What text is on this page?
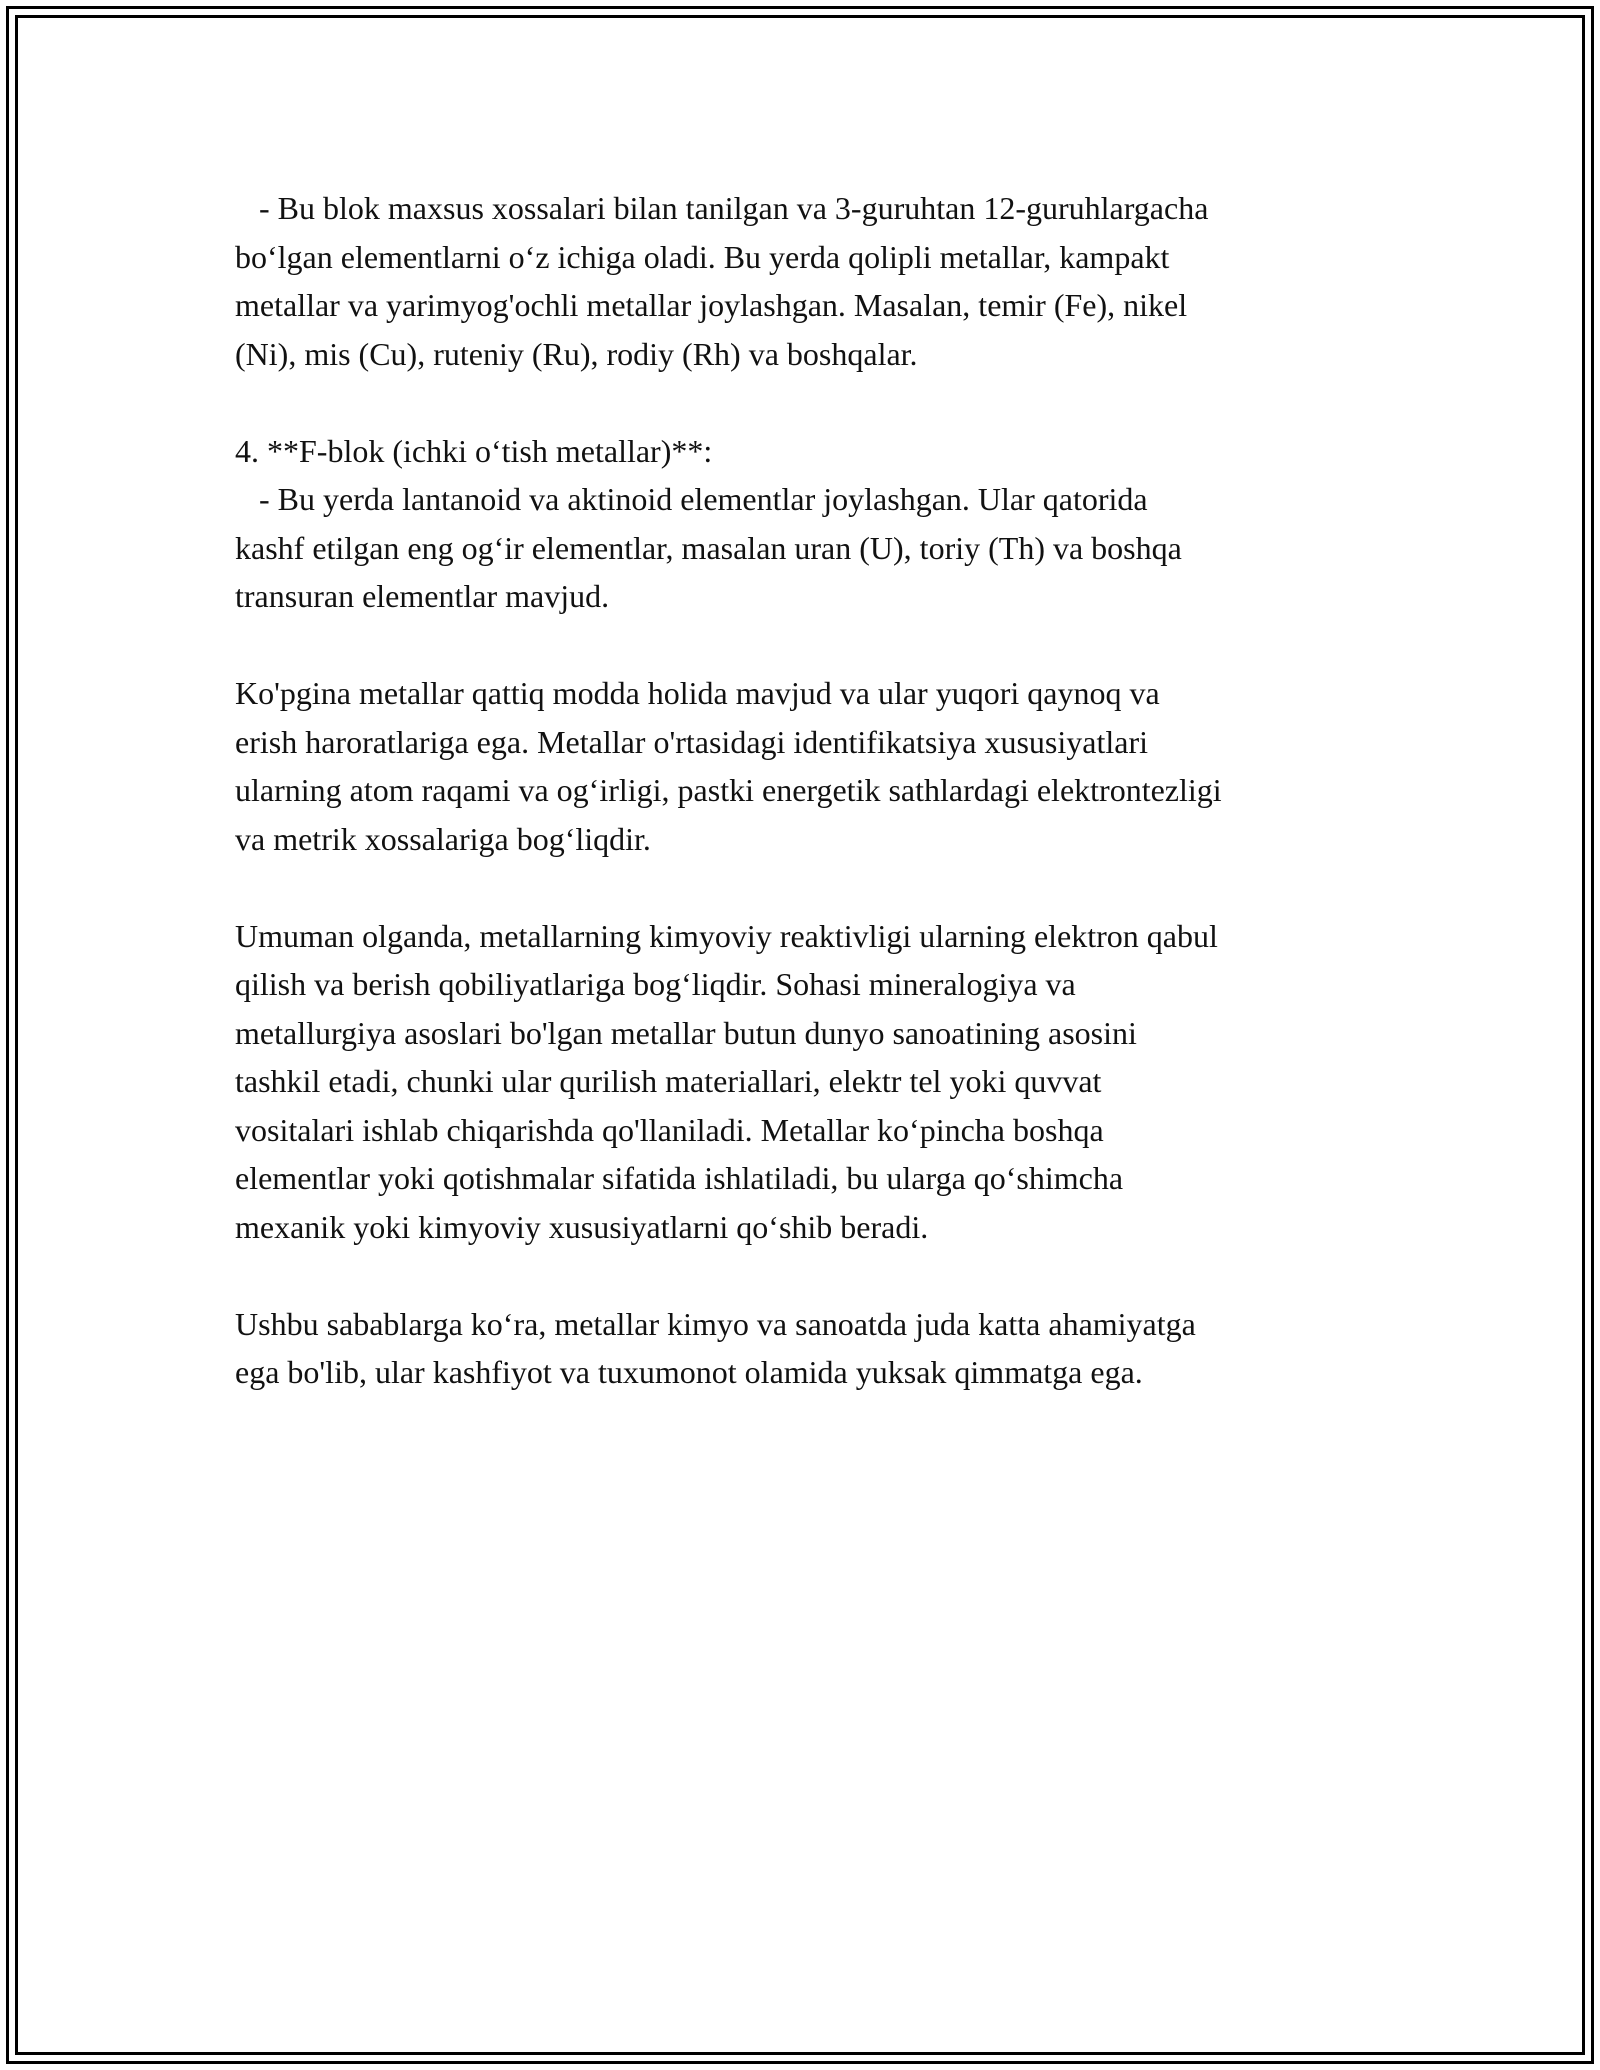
- Bu blok maxsus xossalari bilan tanilgan va 3-guruhtan 12-guruhlargacha
bo‘lgan elementlarni o‘z ichiga oladi. Bu yerda qolipli metallar, kampakt
metallar va yarimyog'ochli metallar joylashgan. Masalan, temir (Fe), nikel
(Ni), mis (Cu), ruteniy (Ru), rodiy (Rh) va boshqalar.
4. **F-blok (ichki o‘tish metallar)**:
- Bu yerda lantanoid va aktinoid elementlar joylashgan. Ular qatorida
kashf etilgan eng og‘ir elementlar, masalan uran (U), toriy (Th) va boshqa
transuran elementlar mavjud.
Ko'pgina metallar qattiq modda holida mavjud va ular yuqori qaynoq va
erish haroratlariga ega. Metallar o'rtasidagi identifikatsiya xususiyatlari
ularning atom raqami va og‘irligi, pastki energetik sathlardagi elektrontezligi
va metrik xossalariga bog‘liqdir.
Umuman olganda, metallarning kimyoviy reaktivligi ularning elektron qabul
qilish va berish qobiliyatlariga bog‘liqdir. Sohasi mineralogiya va
metallurgiya asoslari bo'lgan metallar butun dunyo sanoatining asosini
tashkil etadi, chunki ular qurilish materiallari, elektr tel yoki quvvat
vositalari ishlab chiqarishda qo'llaniladi. Metallar ko‘pincha boshqa
elementlar yoki qotishmalar sifatida ishlatiladi, bu ularga qo‘shimcha
mexanik yoki kimyoviy xususiyatlarni qo‘shib beradi.
Ushbu sabablarga ko‘ra, metallar kimyo va sanoatda juda katta ahamiyatga
ega bo'lib, ular kashfiyot va tuxumonot olamida yuksak qimmatga ega.
